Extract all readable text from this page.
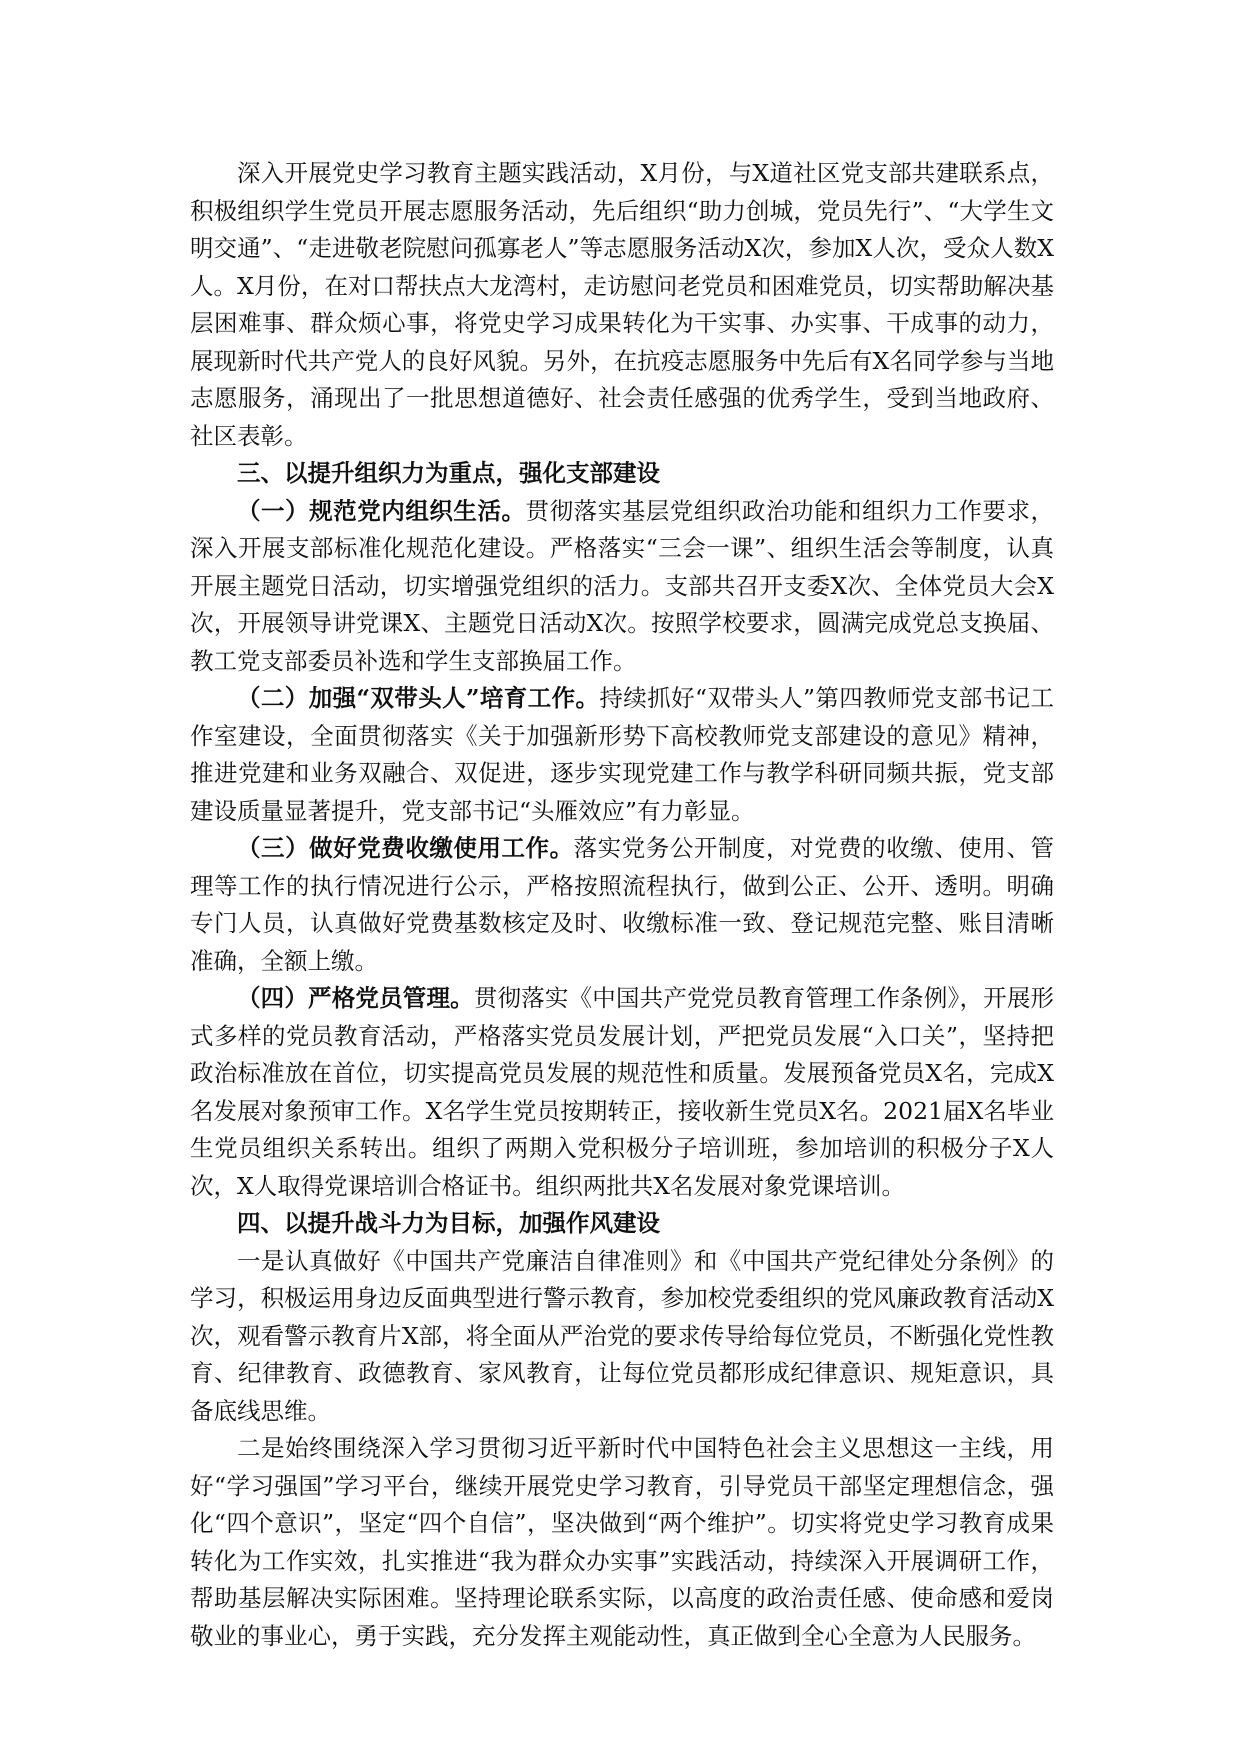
深入开展党史学习教育主题实践活动，X月份，与X道社区党支部共建联系点，积极组织学生党员开展志愿服务活动，先后组织“助力创城，党员先行”、“大学生文明交通”、“走进敬老院慰问孤寡老人”等志愿服务活动X次，参加X人次，受众人数X人。X月份，在对口帮扶点大龙湾村，走访慰问老党员和困难党员，切实帮助解决基层困难事、群众烦心事，将党史学习成果转化为干实事、办实事、干成事的动力，展现新时代共产党人的良好风貌。另外，在抗疫志愿服务中先后有X名同学参与当地志愿服务，涌现出了一批思想道德好、社会责任感强的优秀学生，受到当地政府、社区表彰。

三、以提升组织力为重点，强化支部建设

（一）规范党内组织生活。贯彻落实基层党组织政治功能和组织力工作要求，深入开展支部标准化规范化建设。严格落实“三会一课”、组织生活会等制度，认真开展主题党日活动，切实增强党组织的活力。支部共召开支委X次、全体党员大会X次，开展领导讲党课X、主题党日活动X次。按照学校要求，圆满完成党总支换届、教工党支部委员补选和学生支部换届工作。

（二）加强“双带头人”培育工作。持续抓好“双带头人”第四教师党支部书记工作室建设，全面贯彻落实《关于加强新形势下高校教师党支部建设的意见》精神，推进党建和业务双融合、双促进，逐步实现党建工作与教学科研同频共振，党支部建设质量显著提升，党支部书记“头雁效应”有力彰显。

（三）做好党费收缴使用工作。落实党务公开制度，对党费的收缴、使用、管理等工作的执行情况进行公示，严格按照流程执行，做到公正、公开、透明。明确专门人员，认真做好党费基数核定及时、收缴标准一致、登记规范完整、账目清晰准确，全额上缴。

（四）严格党员管理。贯彻落实《中国共产党党员教育管理工作条例》，开展形式多样的党员教育活动，严格落实党员发展计划，严把党员发展“入口关”，坚持把政治标准放在首位，切实提高党员发展的规范性和质量。发展预备党员X名，完成X名发展对象预审工作。X名学生党员按期转正，接收新生党员X名。2021届X名毕业生党员组织关系转出。组织了两期入党积极分子培训班，参加培训的积极分子X人次，X人取得党课培训合格证书。组织两批共X名发展对象党课培训。

四、以提升战斗力为目标，加强作风建设

一是认真做好《中国共产党廉洁自律准则》和《中国共产党纪律处分条例》的学习，积极运用身边反面典型进行警示教育，参加校党委组织的党风廉政教育活动X次，观看警示教育片X部，将全面从严治党的要求传导给每位党员，不断强化党性教育、纪律教育、政德教育、家风教育，让每位党员都形成纪律意识、规矩意识，具备底线思维。

二是始终围绕深入学习贯彻习近平新时代中国特色社会主义思想这一主线，用好“学习强国”学习平台，继续开展党史学习教育，引导党员干部坚定理想信念，强化“四个意识”，坚定“四个自信”，坚决做到“两个维护”。切实将党史学习教育成果转化为工作实效，扎实推进“我为群众办实事”实践活动，持续深入开展调研工作，帮助基层解决实际困难。坚持理论联系实际，以高度的政治责任感、使命感和爱岗敬业的事业心，勇于实践，充分发挥主观能动性，真正做到全心全意为人民服务。
